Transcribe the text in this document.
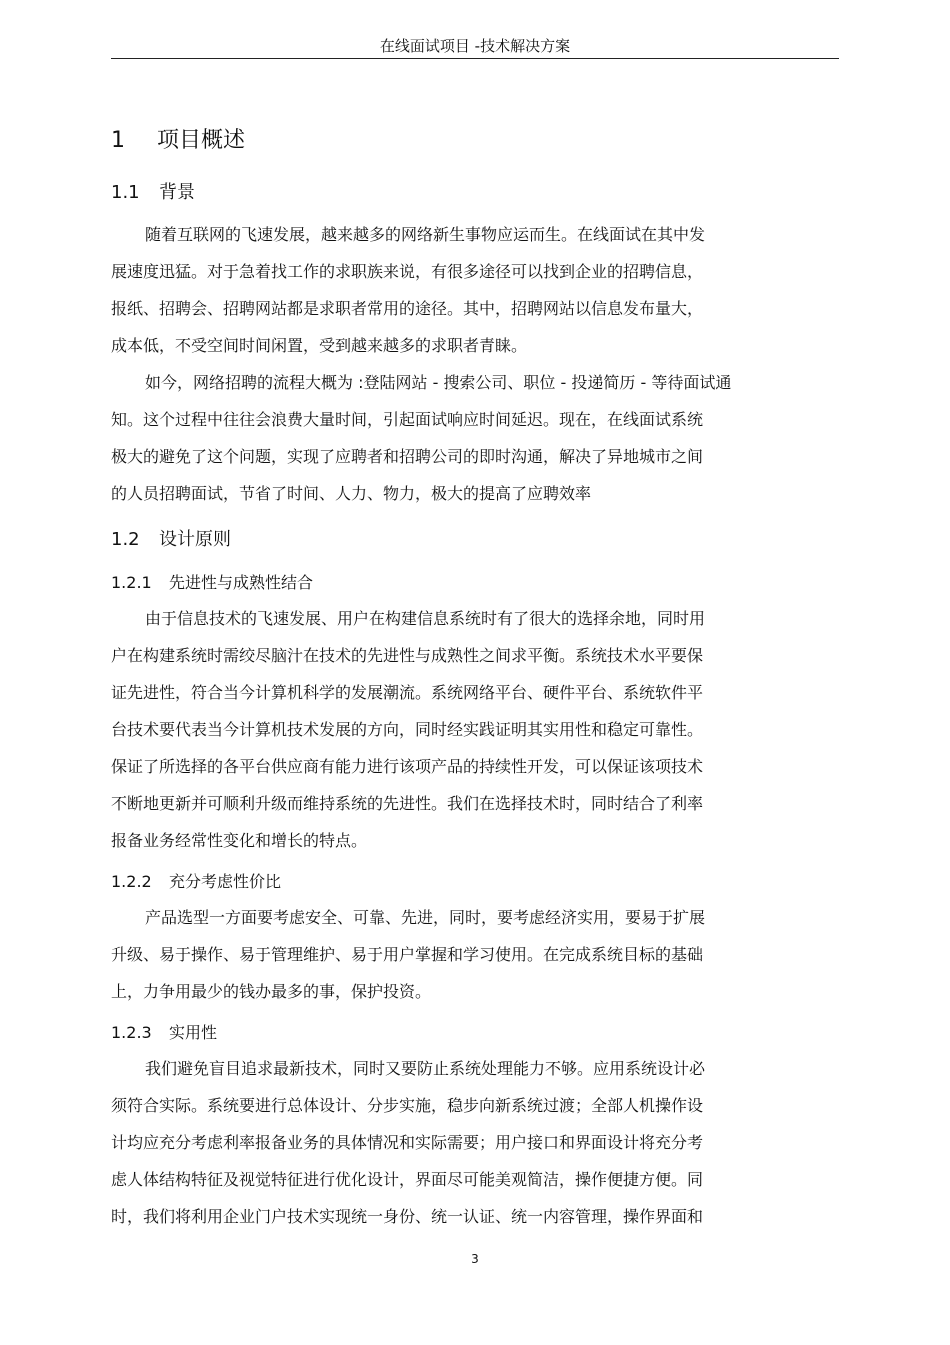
在线面试项目 -技术解决方案
1 项目概述
1.1 背景
随着互联网的飞速发展，越来越多的网络新生事物应运而生。在线面试在其中发
展速度迅猛。对于急着找工作的求职族来说，有很多途径可以找到企业的招聘信息，
报纸、招聘会、招聘网站都是求职者常用的途径。其中，招聘网站以信息发布量大，
成本低，不受空间时间闲置，受到越来越多的求职者青睐。
如今，网络招聘的流程大概为 :登陆网站 - 搜索公司、职位 - 投递简历 - 等待面试通
知。这个过程中往往会浪费大量时间，引起面试响应时间延迟。现在，在线面试系统
极大的避免了这个问题，实现了应聘者和招聘公司的即时沟通，解决了异地城市之间
的人员招聘面试，节省了时间、人力、物力，极大的提高了应聘效率
1.2 设计原则
1.2.1 先进性与成熟性结合
由于信息技术的飞速发展、用户在构建信息系统时有了很大的选择余地，同时用
户在构建系统时需绞尽脑汁在技术的先进性与成熟性之间求平衡。系统技术水平要保
证先进性，符合当今计算机科学的发展潮流。系统网络平台、硬件平台、系统软件平
台技术要代表当今计算机技术发展的方向，同时经实践证明其实用性和稳定可靠性。
保证了所选择的各平台供应商有能力进行该项产品的持续性开发，可以保证该项技术
不断地更新并可顺利升级而维持系统的先进性。我们在选择技术时，同时结合了利率
报备业务经常性变化和增长的特点。
1.2.2 充分考虑性价比
产品选型一方面要考虑安全、可靠、先进，同时，要考虑经济实用，要易于扩展
升级、易于操作、易于管理维护、易于用户掌握和学习使用。在完成系统目标的基础
上，力争用最少的钱办最多的事，保护投资。
1.2.3 实用性
我们避免盲目追求最新技术，同时又要防止系统处理能力不够。应用系统设计必
须符合实际。系统要进行总体设计、分步实施，稳步向新系统过渡；全部人机操作设
计均应充分考虑利率报备业务的具体情况和实际需要；用户接口和界面设计将充分考
虑人体结构特征及视觉特征进行优化设计，界面尽可能美观简洁，操作便捷方便。同
时，我们将利用企业门户技术实现统一身份、统一认证、统一内容管理，操作界面和
3
